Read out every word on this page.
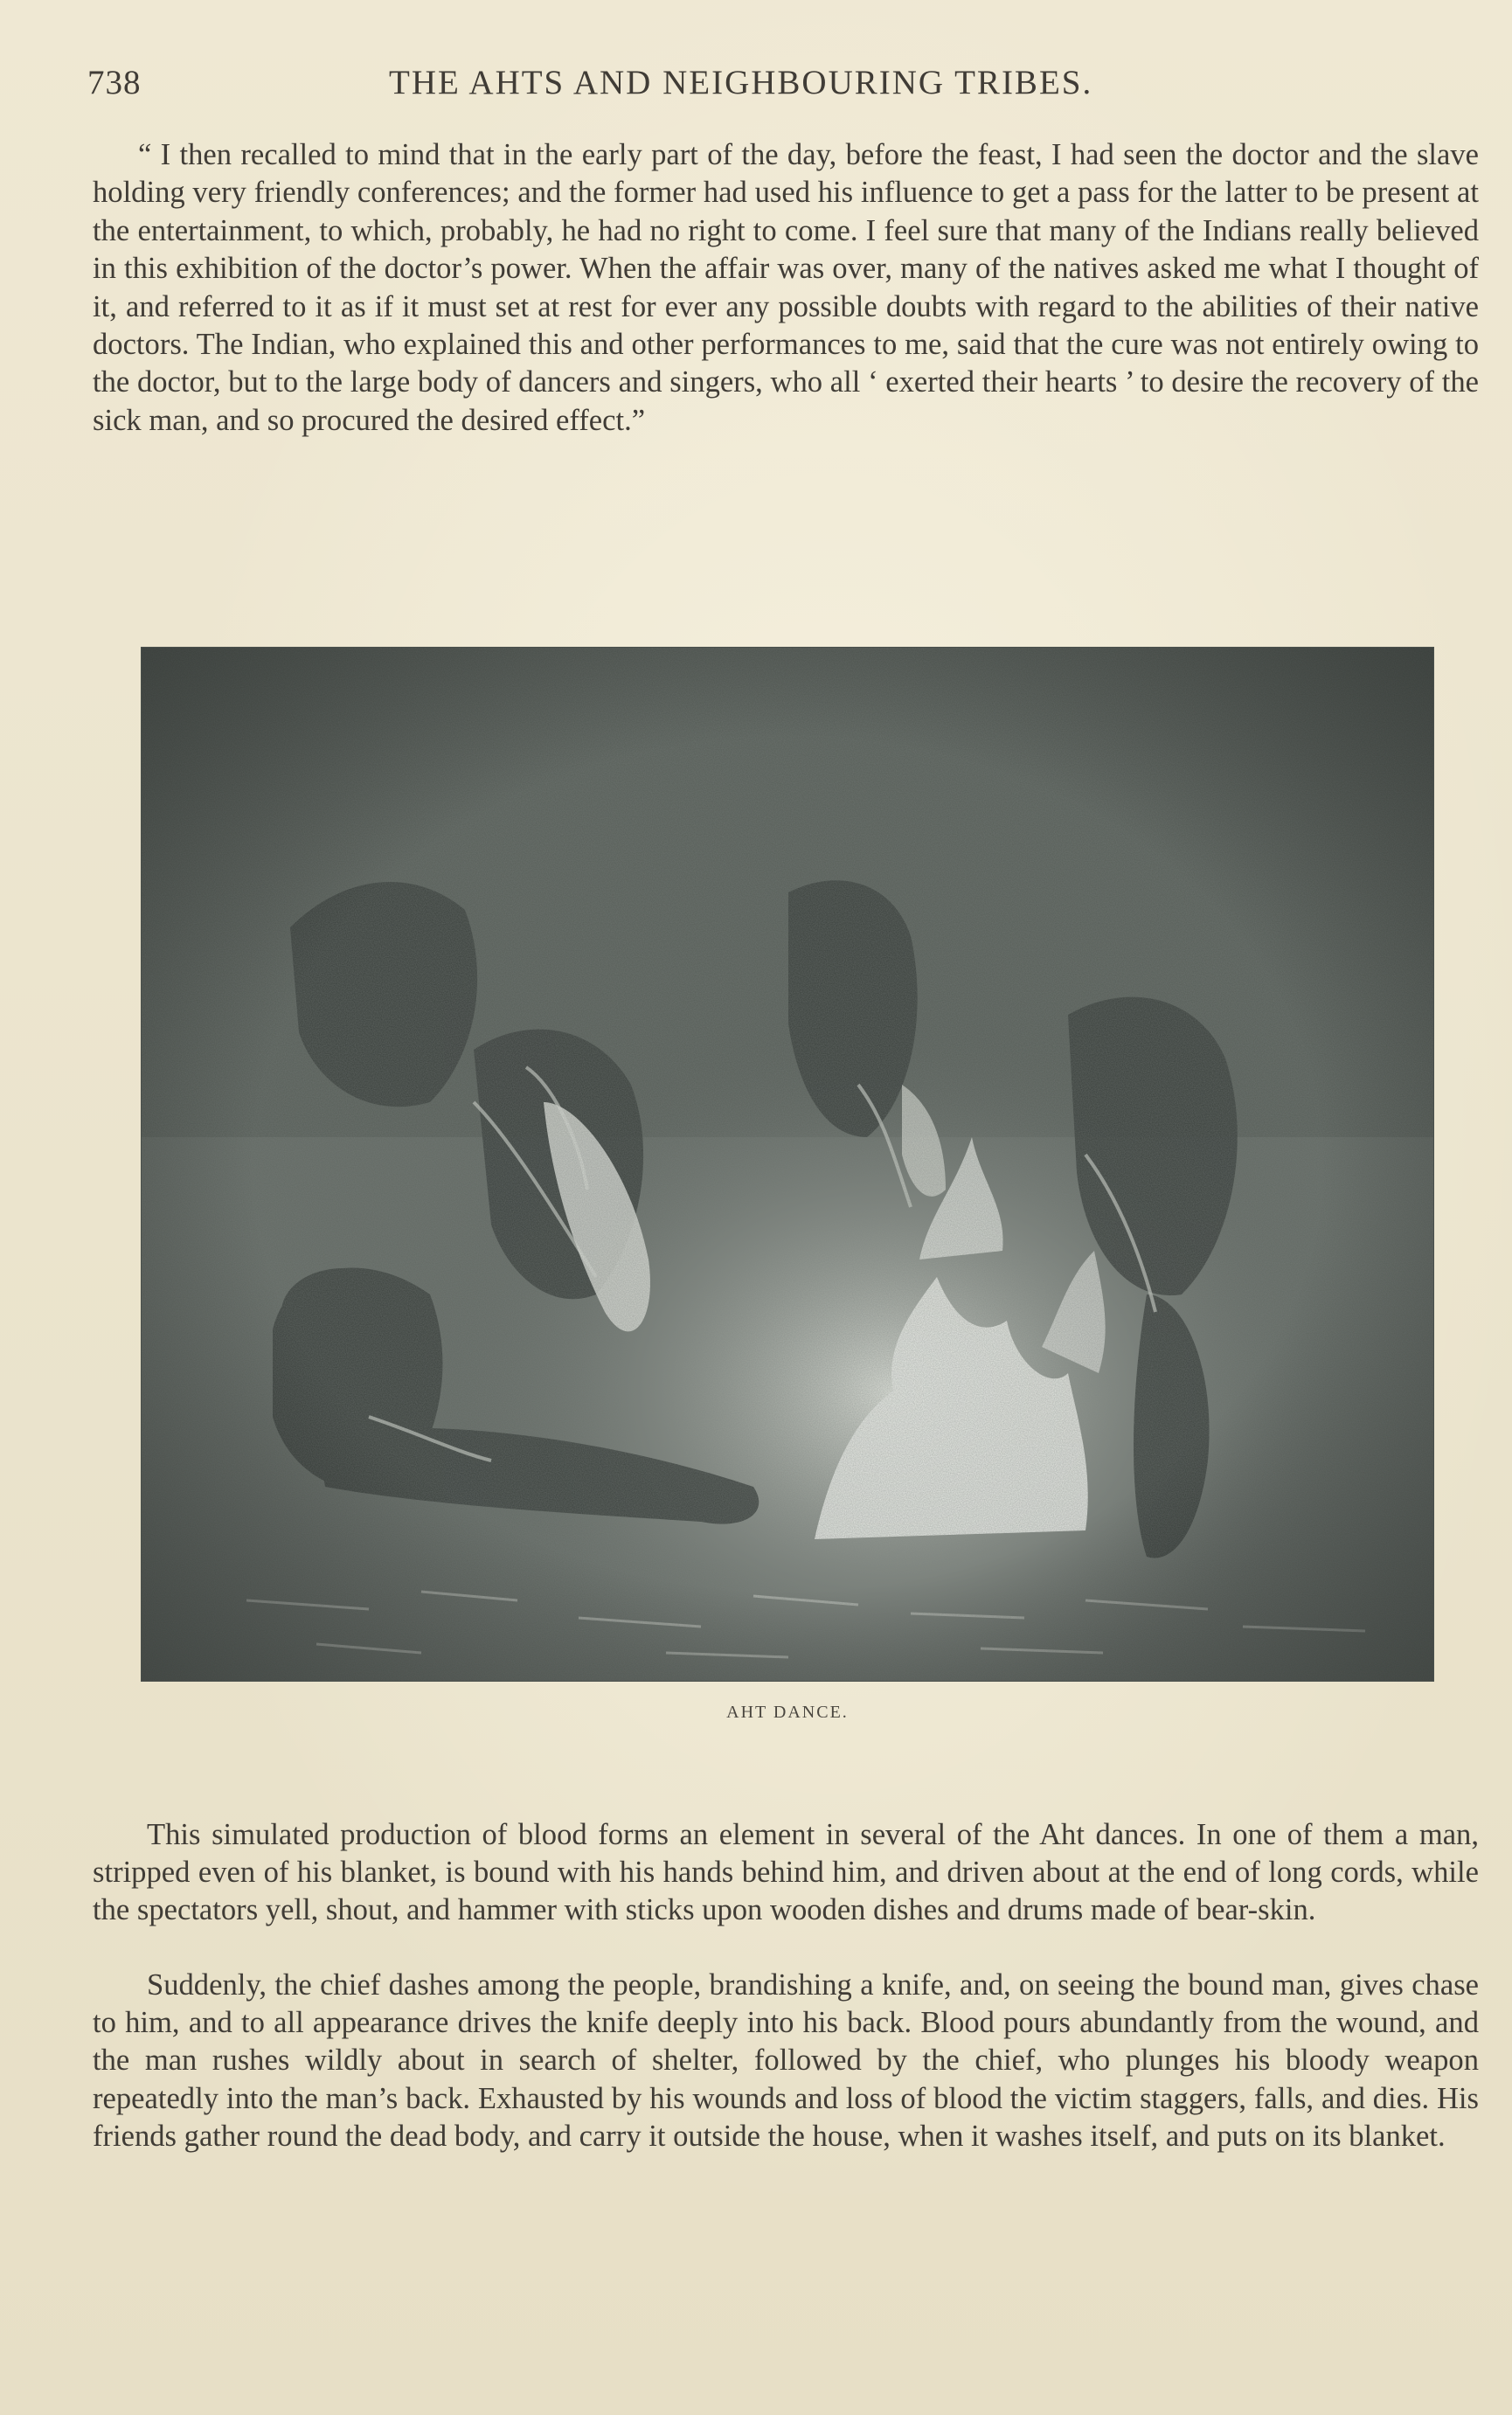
738	THE AHTS AND NEIGHBOURING TRIBES.

“ I then recalled to mind that in the early part of the day, before the feast, I had seen the doctor and the slave holding very friendly conferences; and the former had used his influence to get a pass for the latter to be present at the entertainment, to which, probably, he had no right to come. I feel sure that many of the Indians really believed in this exhibition of the doctor’s power. When the affair was over, many of the natives asked me what I thought of it, and referred to it as if it must set at rest for ever any possible doubts with regard to the abilities of their native doctors. The Indian, who explained this and other performances to me, said that the cure was not entirely owing to the doctor, but to the large body of dancers and singers, who all ‘ exerted their hearts ’ to desire the recovery of the sick man, and so procured the desired effect.”

AHT DANCE.

This simulated production of blood forms an element in several of the Aht dances. In one of them a man, stripped even of his blanket, is bound with his hands behind him, and driven about at the end of long cords, while the spectators yell, shout, and hammer with sticks upon wooden dishes and drums made of bear-skin.

Suddenly, the chief dashes among the people, brandishing a knife, and, on seeing the bound man, gives chase to him, and to all appearance drives the knife deeply into his back. Blood pours abundantly from the wound, and the man rushes wildly about in search of shelter, followed by the chief, who plunges his bloody weapon repeatedly into the man’s back. Exhausted by his wounds and loss of blood the victim staggers, falls, and dies. His friends gather round the dead body, and carry it outside the house, when it washes itself, and puts on its blanket.
